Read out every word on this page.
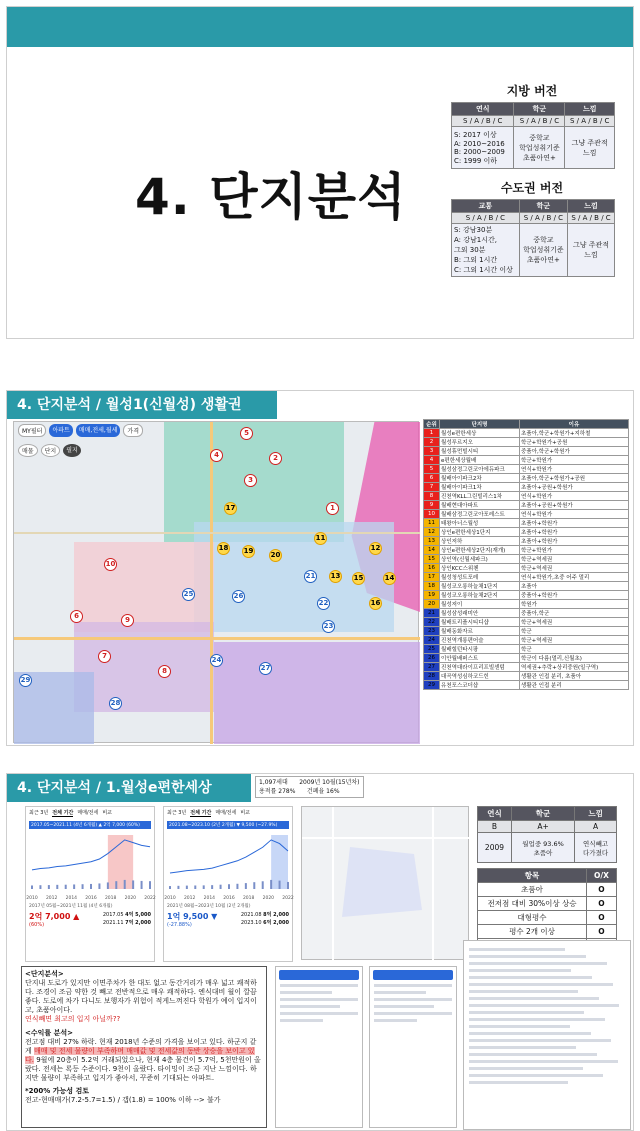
4. 단지분석
지방 버전
연식	학군	느낌
S / A / B / C	S / A / B / C	S / A / B / C
S: 2017 이상
A: 2010~2016
B: 2000~2009
C: 1999 이하	중학교
학업성취기준
초품아연+	그냥 주관적
느낌
수도권 버전
교통	학군	느낌
S / A / B / C	S / A / B / C	S / A / B / C
S: 강남30분
A: 강남1시간,
그외 30분
B: 그외 1시간
C: 그외 1시간 이상	중학교
학업성취기준
초품아연+	그냥 주관적
느낌
4. 단지분석 / 월성1(신월성) 생활권
MY필터	아파트	매매,전세,월세	가격
매물	단지	필지
1
2
3
4
5
6
7
8
9
10
11
12
13	14
15
16
17
18 19 20
21
22
23
24
25	26
27
28
29
순위	단지명	이유
1	월성e편한세상	초품아,학군+학원가+지하철
2	월성푸르지오	학군+학원가+공원
3	월성휴먼빌시티	중품아,학군+학원가
4	e편한세상월배	학군+학원가
5	월성삼정그린코아에듀파크	연식+학원가
6	월배아이파크2차	초품아,학군+학원가+공원
7	월배아이파크1차	초품아+공원+학원가
8	진천역KLL그린빌리스1차	연식+학원가
9	월배현대아파트	초품아+공원+학원가
10	월배삼정그린코아포레스트	연식+학원가
11	태왕아너스월성	초품아+학원가
12	상인e편한세상1단지	초품아+학원가
13	상인저하	초품아+학원가
14	상인e편한세상2단지(재개)	학군+학원가
15	상인역(신월세파크)	학군+역세권
16	상인KCC스위첸	학군+역세권
17	월성청성트포레	연식+학원가,초중 어주 멀리
18	월성코오롱하늘채1단지	초품아
19	월성코오롱하늘채2단지	중품아+학원가
20	월성저이	학원가
21	월성삼성래미안	중품아,학군
22	월배트리플시티디샵	학군+역세권
23	월배동화자르	학군
24	진천역개롱편어슬	학군+역세권
25	월배힐턴타시팡	학군
26	이안월배퍼스트	학군이 다름(멀리,신월초)
27	진천역대라이프리프빌센텀	역세권+추락+상리중원(일구역)
28	대곡역성심하코드힌	생활관 인접 분리, 초품아
29	유천포스코더샵	생활관 인접 분리
4. 단지분석 / 1.월성e편한세상	1,097세대      2009년 10월(15년차)
용적률 278%      건폐율 16%
최근 3년 전체 기간 매매/전세 비교
2017.05~2021.11 (4년 6개월) ▲ 2억 7,000 (60%)
2010 2012 2014 2016 2018 2020 2022
2017년 05월~2021년 11월 (4년 6개월)
2억 7,000 ▲
(60%)
2017.05 4억 5,000
2021.11 7억 2,000
최근 3년 전체 기간 매매/전세 비교
2021.08~2023.10 (2년 2개월) ▼ 9,500 (~27.9%)
2010 2012 2014 2016 2018 2020 2022
2021년 08월~2023년 10월 (2년 2개월)
1억 9,500 ▼
(-27.88%)
2021.08 8억 2,000
2023.10 6억 2,000
연식	학군	느낌
B	A+	A
2009	월업중 93.6%
초품아	연식빼고
다가졌다
항목	O/X
초품아	O
전저점 대비 30%이상 상승	O
대형평수	O
평수 2개 이상	O

<단지분석>
단지내 도로가 있지만 이면주차가 한 대도 없고 동간거리가 매우 넓고 쾌적하다. 조경이 조금 약한 것 빼고 전반적으로 매우 쾌적하다. 엔식대비 월이 깔끔 좋다. 도로에 차가 다니도 보행자가 위험이 적게느껴진다 학원가 예이 입지이고, 초품아이다.
연식빼면 최고의 입지 아닐까??
<수익률 분석>
전고점 대비 27% 하락. 현재 2018년 수준의 가격을 보이고 있다. 하군지 같게 매매 및 전세 물량이 부족하며 매매값 및 전세값의 동반 상승을 보이고 있다. 9월에 20층이 5.2억 거래되었으나, 현재 4층 물건이 5.7억, 5천만원이 올랐다. 전세는 록등 수준이다. 9천이 올랐다. 타이밍이 조금 지난 느낌이다. 하지만 물량이 부족하고 입지가 좋아서, 꾸준히 기대되는 아파트.
*200% 가능성 검토
전고-현매매가(7.2-5.7=1.5) / 갭(1.8) = 100% 이하 --> 불가
